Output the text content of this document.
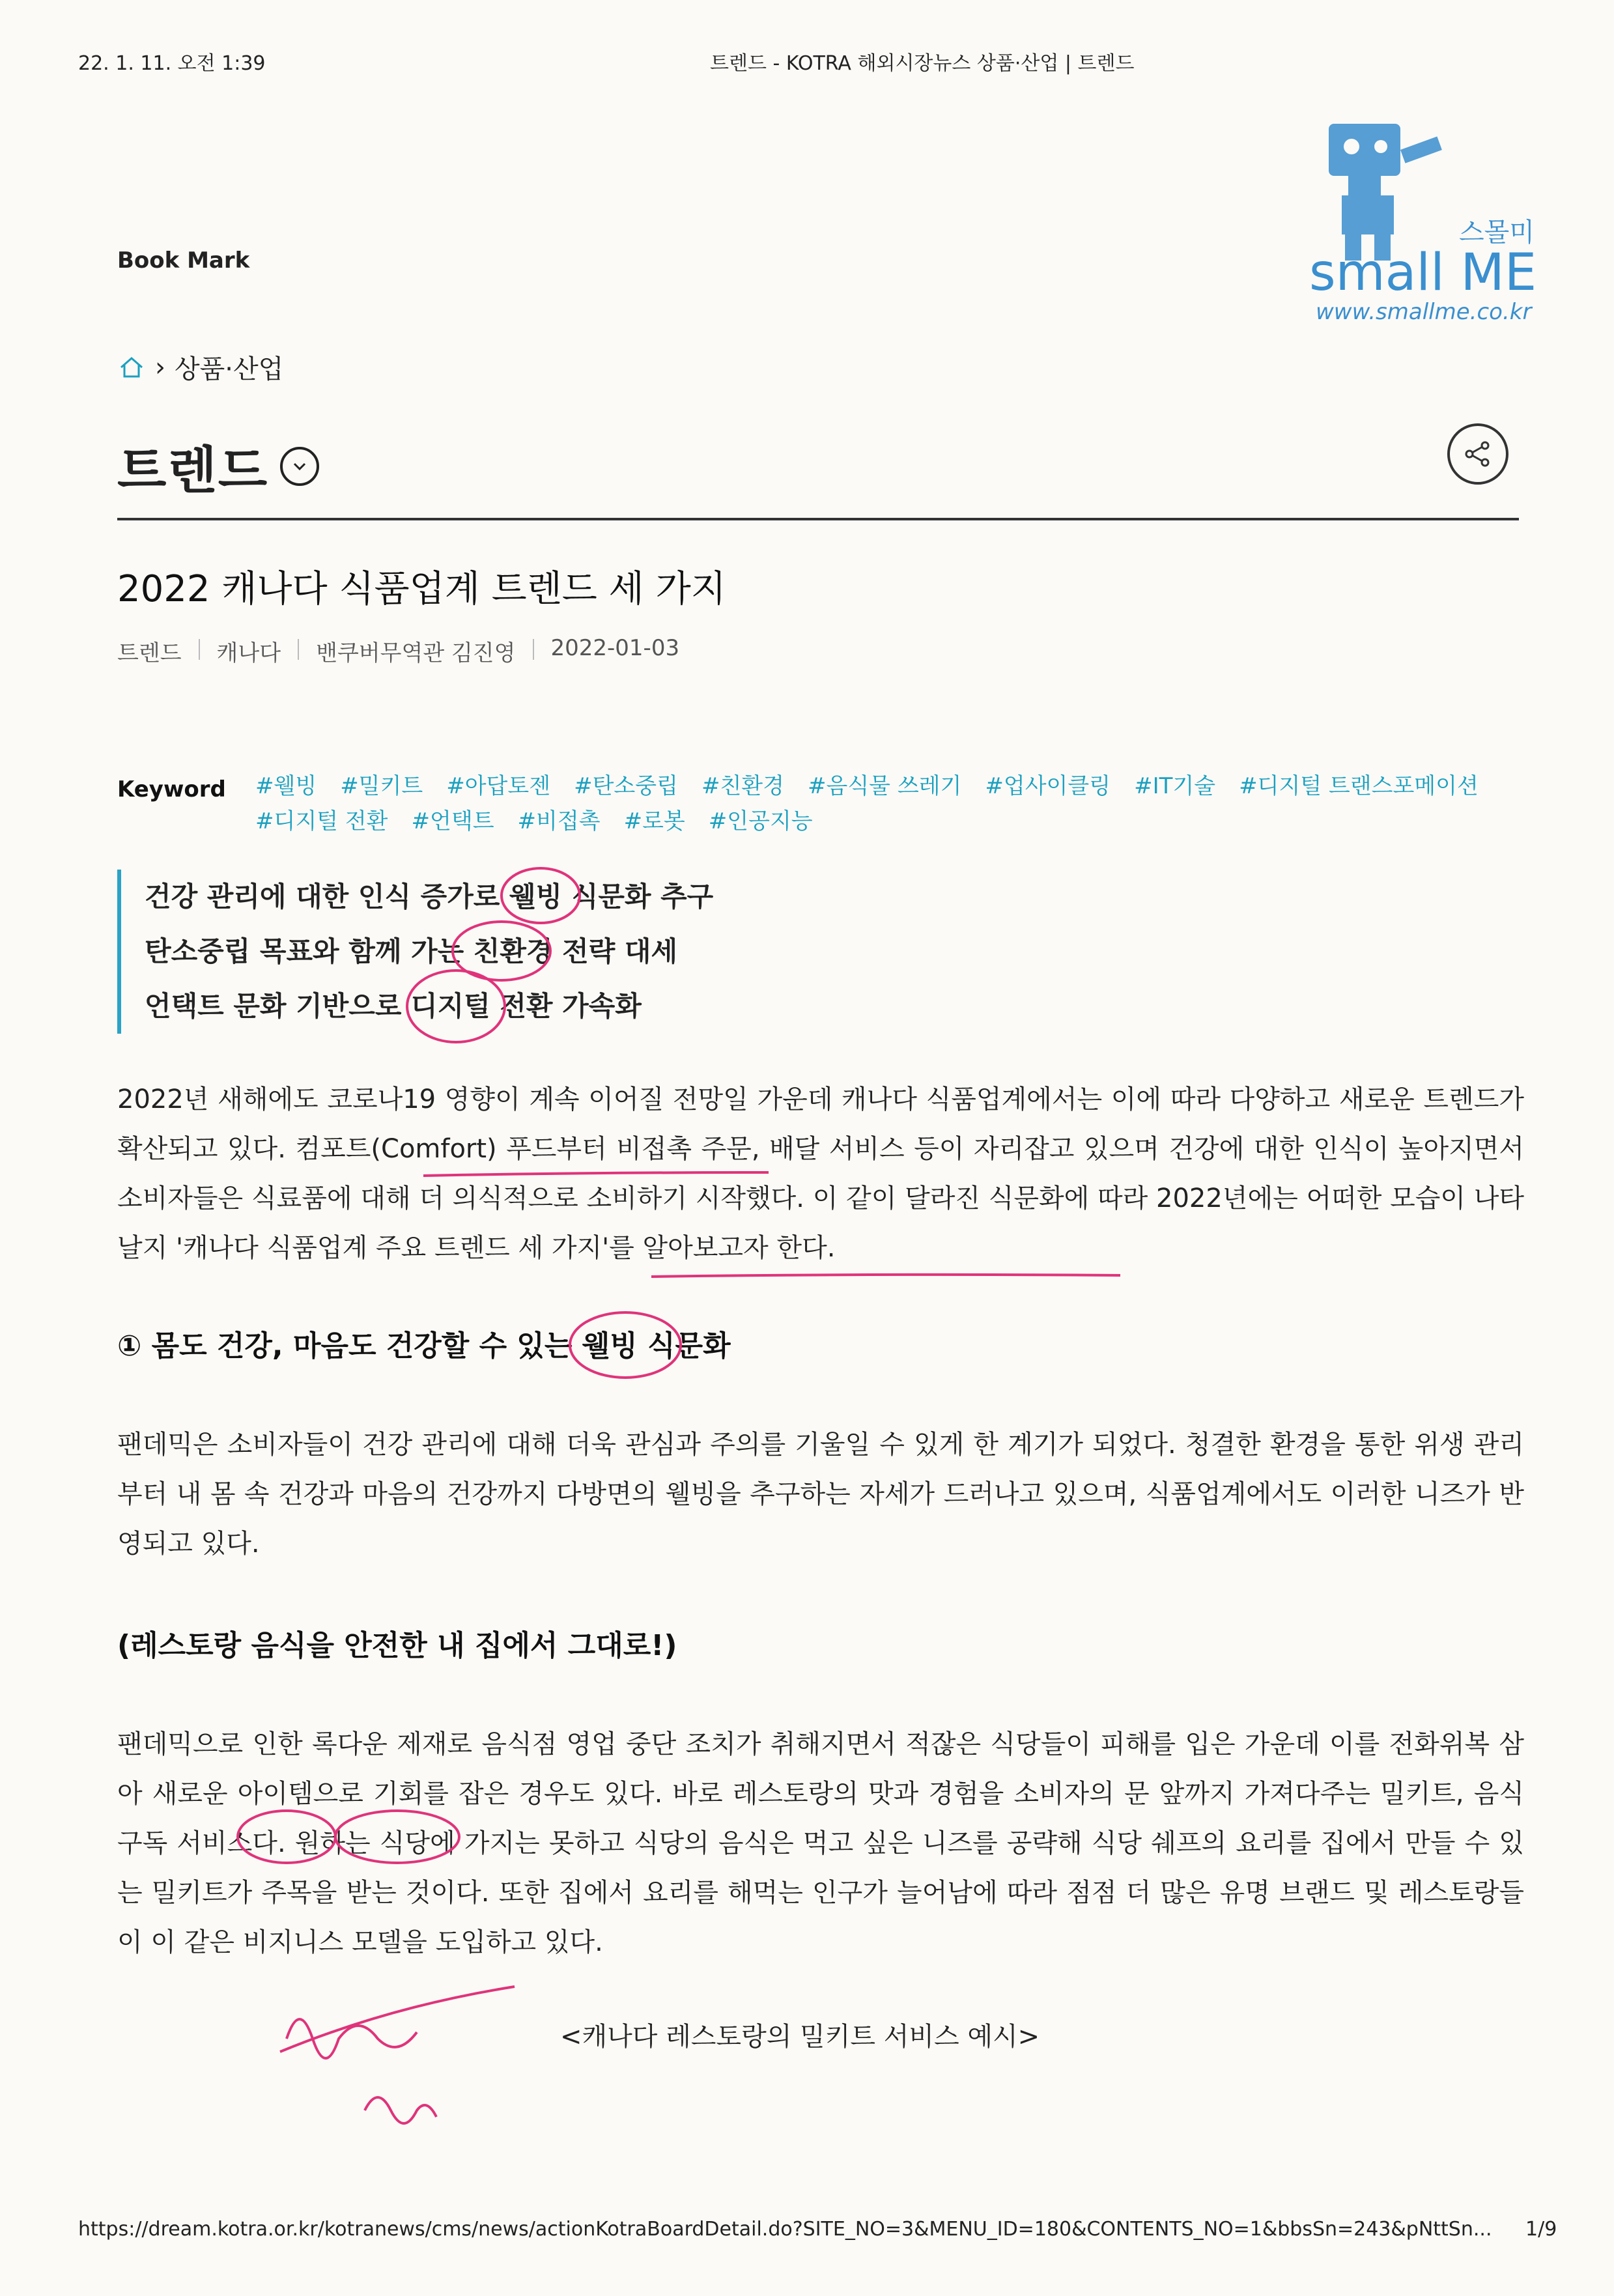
22. 1. 11. 오전 1:39	트렌드 - KOTRA 해외시장뉴스 상품·산업 | 트렌드
스몰미
small ME
www.smallme.co.kr
Book Mark
› 상품·산업
트렌드
2022 캐나다 식품업계 트렌드 세 가지
트렌드 캐나다 밴쿠버무역관 김진영 2022-01-03
Keyword #웰빙 #밀키트 #아답토젠 #탄소중립 #친환경 #음식물 쓰레기 #업사이클링 #IT기술 #디지털 트랜스포메이션#디지털 전환 #언택트 #비접촉 #로봇 #인공지능
건강 관리에 대한 인식 증가로 웰빙 식문화 추구
탄소중립 목표와 함께 가는 친환경 전략 대세
언택트 문화 기반으로 디지털 전환 가속화
2022년 새해에도 코로나19 영향이 계속 이어질 전망일 가운데 캐나다 식품업계에서는 이에 따라 다양하고 새로운 트렌드가 확산되고 있다. 컴포트(Comfort) 푸드부터 비접촉 주문, 배달 서비스 등이 자리잡고 있으며 건강에 대한 인식이 높아지면서 소비자들은 식료품에 대해 더 의식적으로 소비하기 시작했다. 이 같이 달라진 식문화에 따라 2022년에는 어떠한 모습이 나타날지 '캐나다 식품업계 주요 트렌드 세 가지'를 알아보고자 한다.
① 몸도 건강, 마음도 건강할 수 있는 웰빙 식문화
팬데믹은 소비자들이 건강 관리에 대해 더욱 관심과 주의를 기울일 수 있게 한 계기가 되었다. 청결한 환경을 통한 위생 관리부터 내 몸 속 건강과 마음의 건강까지 다방면의 웰빙을 추구하는 자세가 드러나고 있으며, 식품업계에서도 이러한 니즈가 반영되고 있다.
(레스토랑 음식을 안전한 내 집에서 그대로!)
팬데믹으로 인한 록다운 제재로 음식점 영업 중단 조치가 취해지면서 적잖은 식당들이 피해를 입은 가운데 이를 전화위복 삼아 새로운 아이템으로 기회를 잡은 경우도 있다. 바로 레스토랑의 맛과 경험을 소비자의 문 앞까지 가져다주는 밀키트, 음식 구독 서비스다. 원하는 식당에 가지는 못하고 식당의 음식은 먹고 싶은 니즈를 공략해 식당 쉐프의 요리를 집에서 만들 수 있는 밀키트가 주목을 받는 것이다. 또한 집에서 요리를 해먹는 인구가 늘어남에 따라 점점 더 많은 유명 브랜드 및 레스토랑들이 이 같은 비지니스 모델을 도입하고 있다.
<캐나다 레스토랑의 밀키트 서비스 예시>
https://dream.kotra.or.kr/kotranews/cms/news/actionKotraBoardDetail.do?SITE_NO=3&MENU_ID=180&CONTENTS_NO=1&bbsSn=243&pNttSn... 1/9
